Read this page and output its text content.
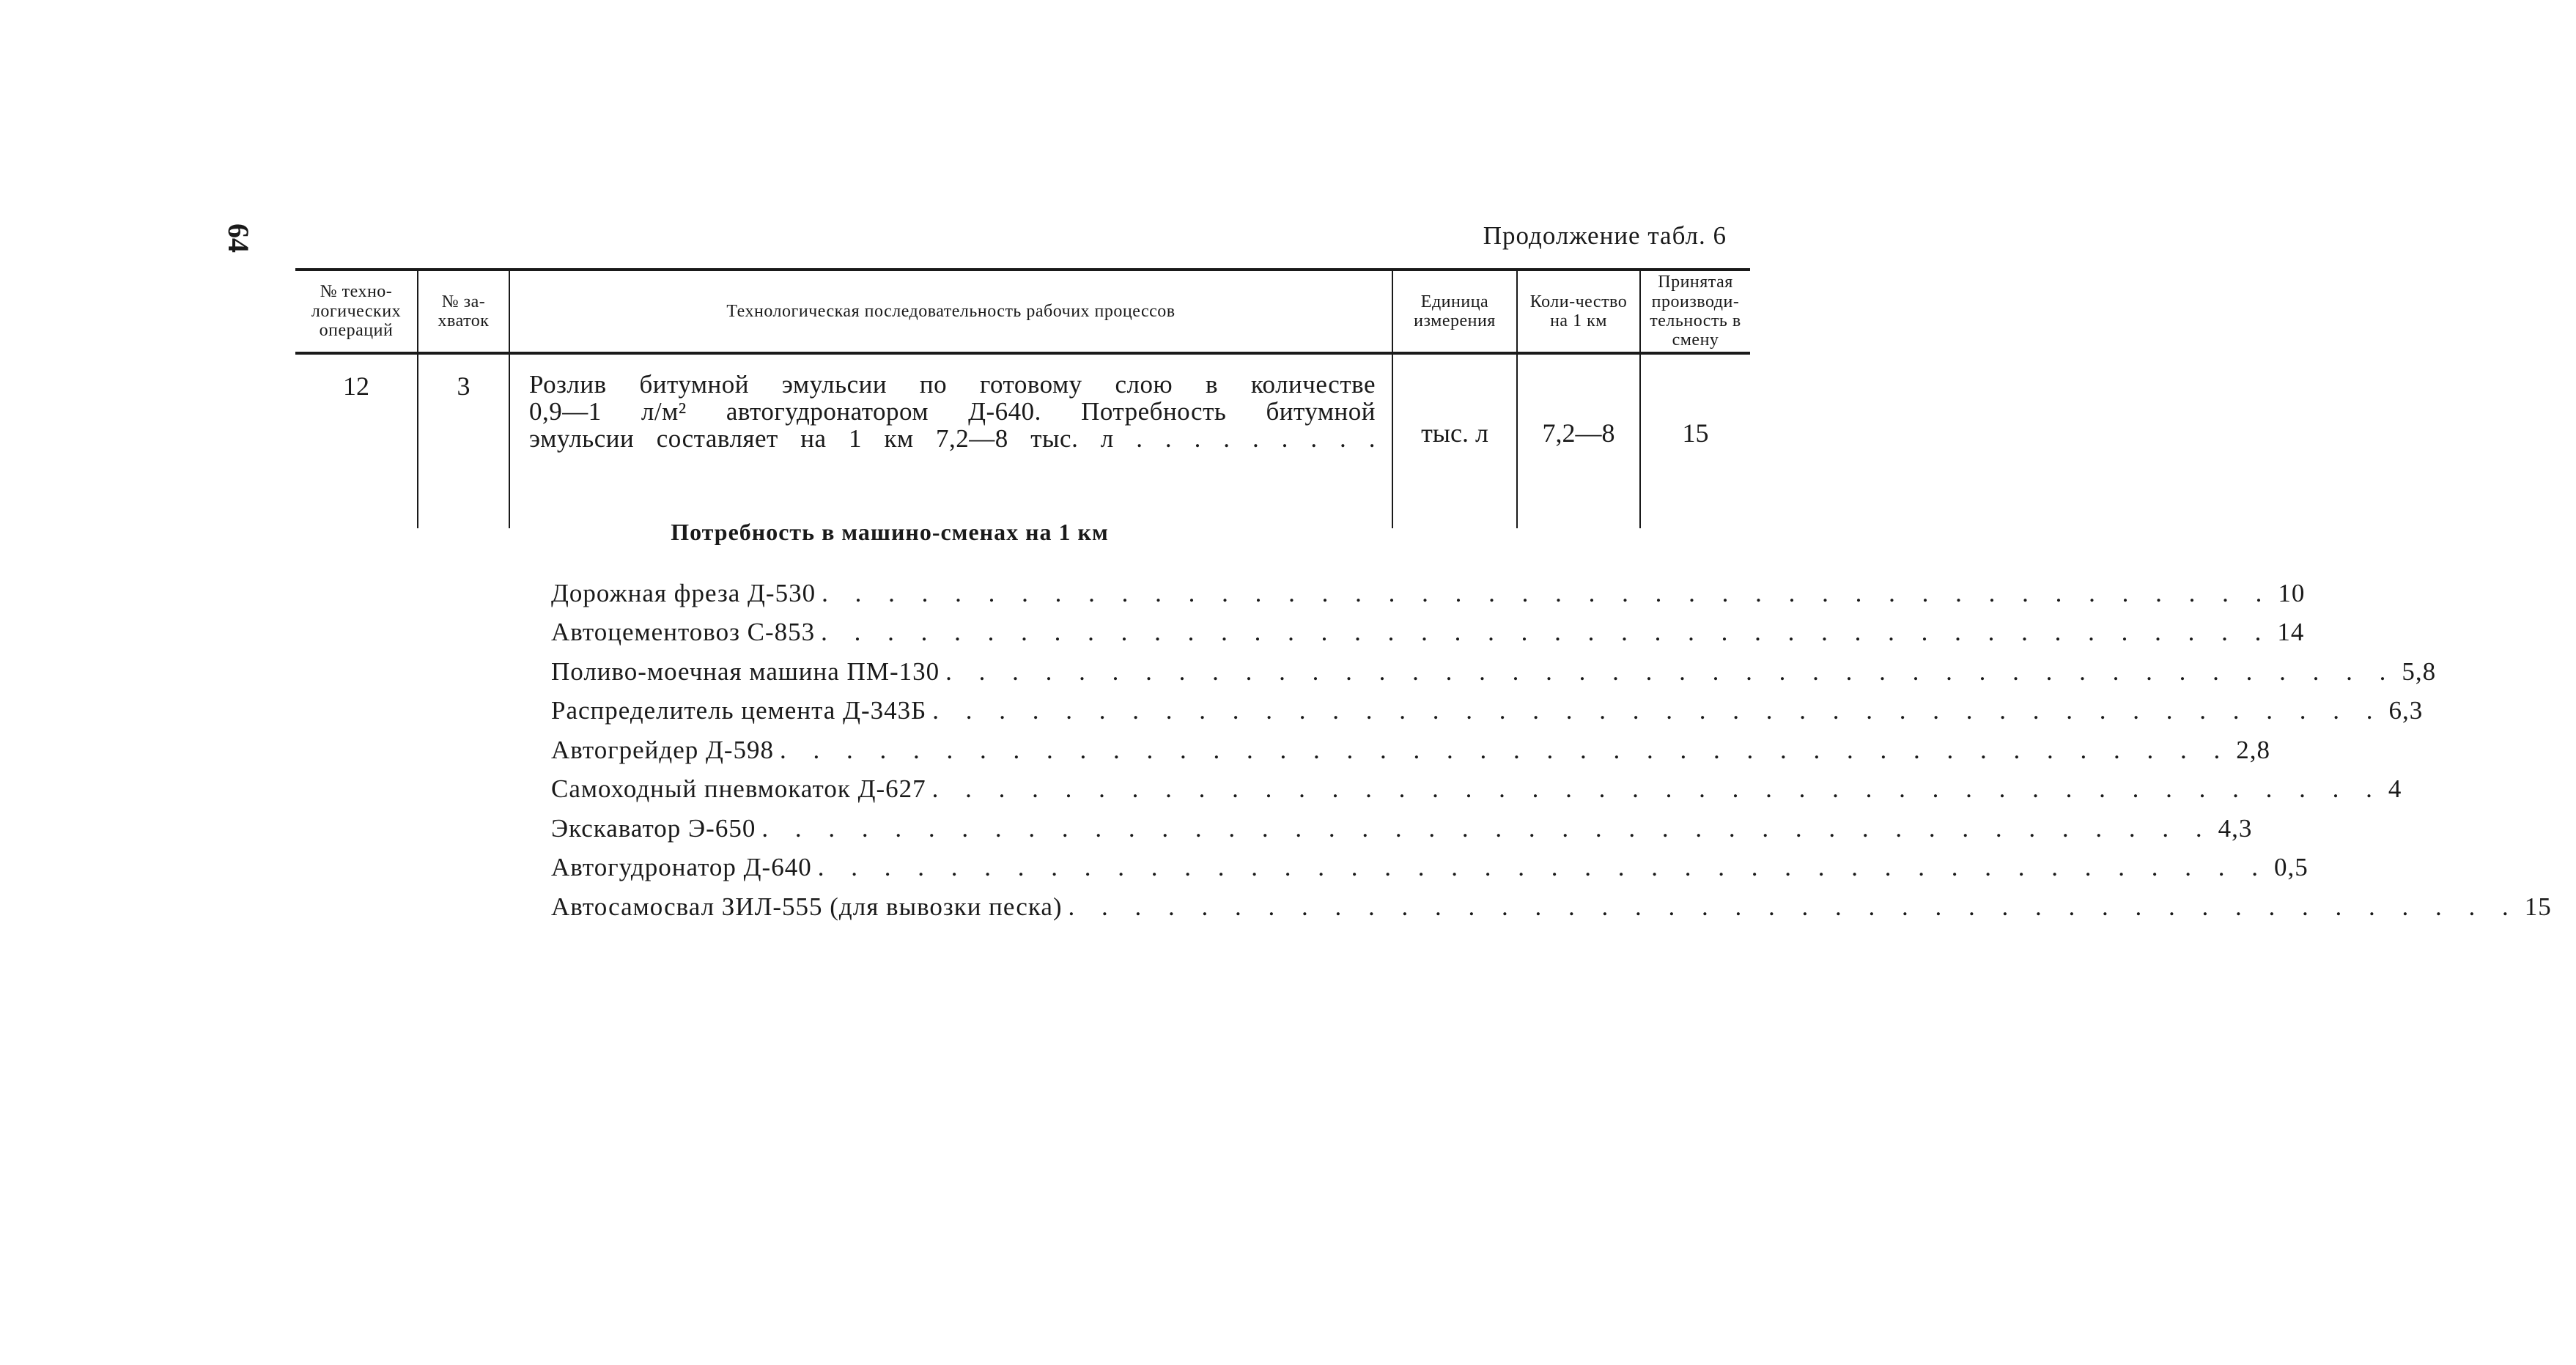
64	Продолжение табл. 6
№ техно-логических операций	№ за-хваток	Технологическая последовательность рабочих процессов	Единица измерения	Коли-чество на 1 км	Принятая производи-тельность в смену
12	3	Розлив битумной эмульсии по готовому слою в количестве
0,9—1 л/м² автогудронатором Д-640. Потребность битумной
эмульсии составляет на 1 км 7,2—8 тыс. л . . . . . . . . .	тыс. л	7,2—8	15
Потребность в машино-сменах на 1 км
Дорожная фреза Д-530 . . . . . . . . . . . . . . . . . . . . . . . . . . . . . . . . . . . . . . . . . . . . 10
Автоцементовоз С-853 . . . . . . . . . . . . . . . . . . . . . . . . . . . . . . . . . . . . . . . . . . . . 14
Поливо-моечная машина ПМ-130 . . . . . . . . . . . . . . . . . . . . . . . . . . . . . . . . . . . . . . . . . . . . 5,8
Распределитель цемента Д-343Б . . . . . . . . . . . . . . . . . . . . . . . . . . . . . . . . . . . . . . . . . . . . 6,3
Автогрейдер Д-598 . . . . . . . . . . . . . . . . . . . . . . . . . . . . . . . . . . . . . . . . . . . . 2,8
Самоходный пневмокаток Д-627 . . . . . . . . . . . . . . . . . . . . . . . . . . . . . . . . . . . . . . . . . . . . 4
Экскаватор Э-650 . . . . . . . . . . . . . . . . . . . . . . . . . . . . . . . . . . . . . . . . . . . . 4,3
Автогудронатор Д-640 . . . . . . . . . . . . . . . . . . . . . . . . . . . . . . . . . . . . . . . . . . . . 0,5
Автосамосвал ЗИЛ-555 (для вывозки песка) . . . . . . . . . . . . . . . . . . . . . . . . . . . . . . . . . . . . . . . . . . . . 15
